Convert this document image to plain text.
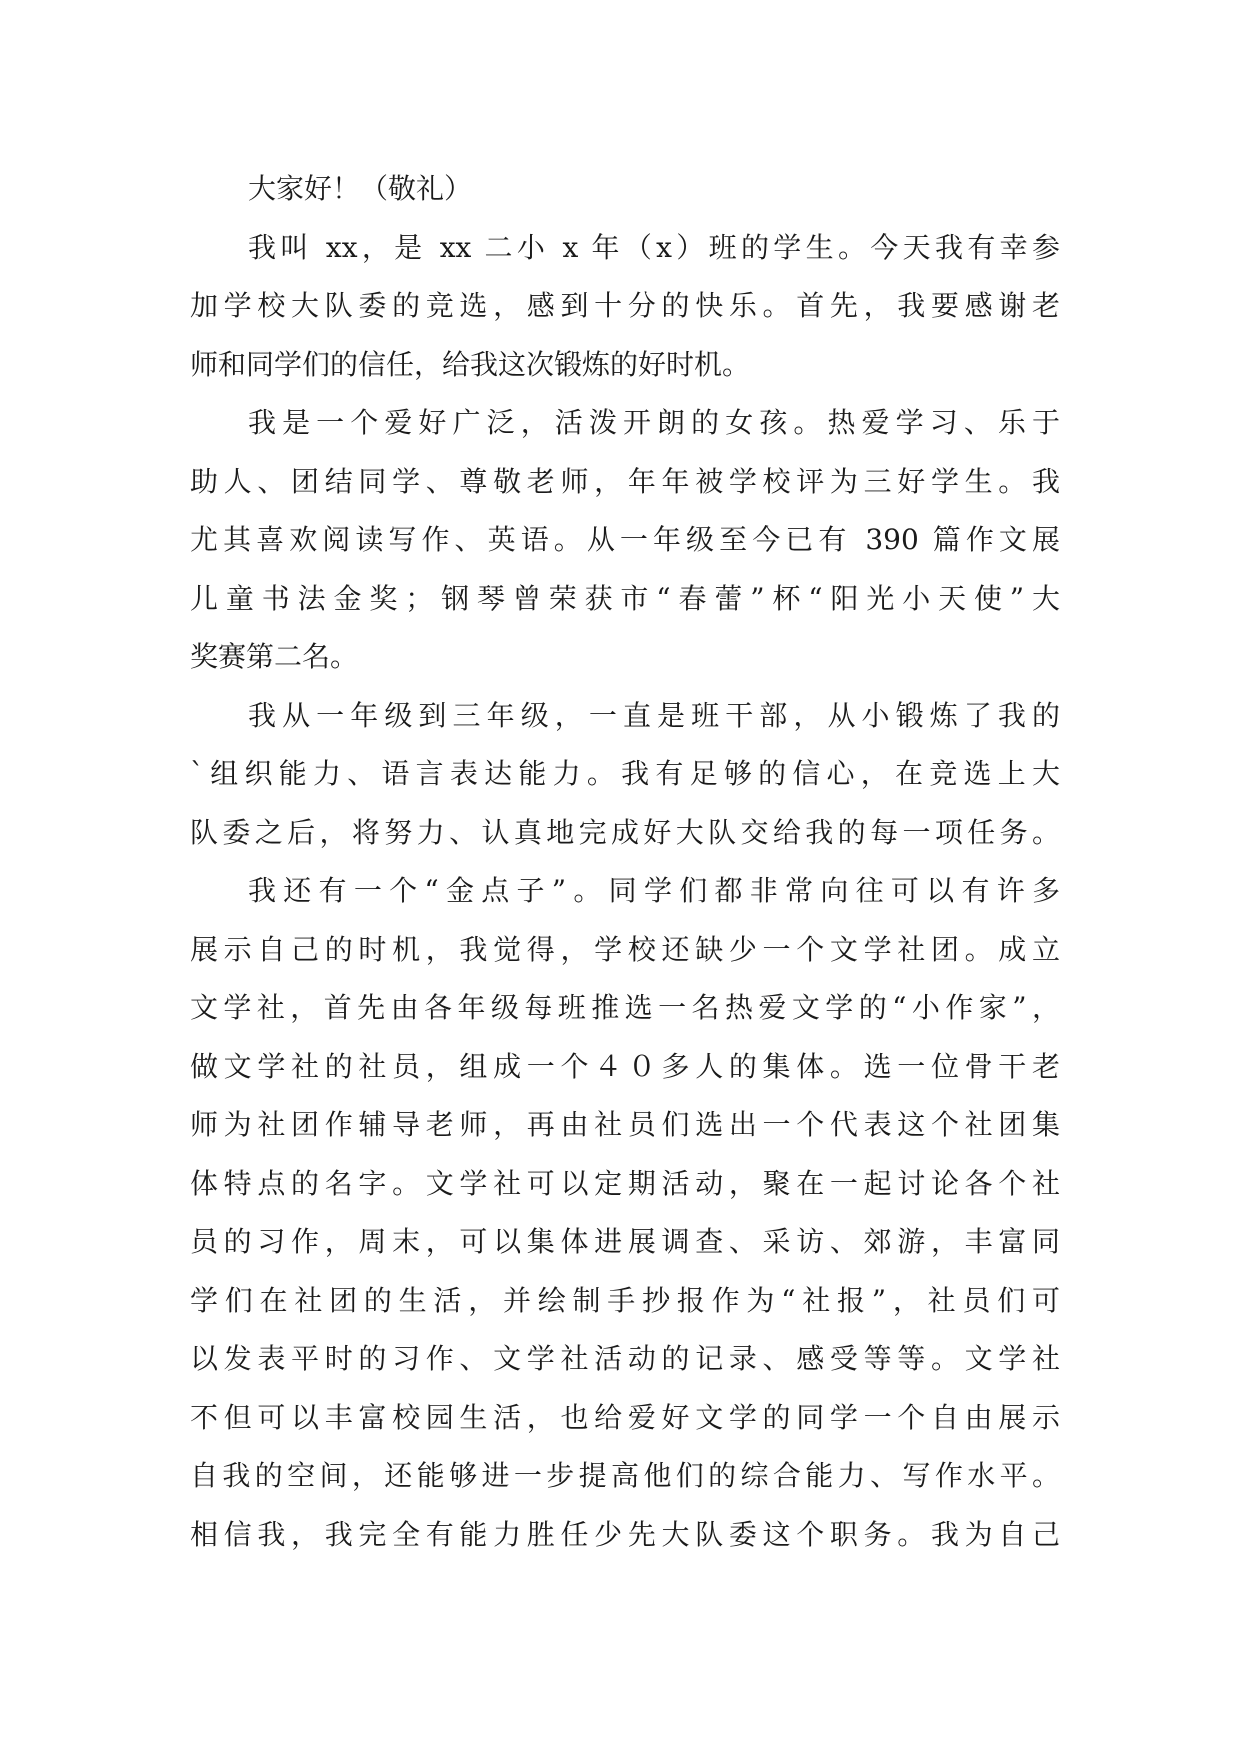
大家好！（敬礼）
我叫 xx，是 xx 二小 x 年（x）班的学生。今天我有幸参
加学校大队委的竞选，感到十分的快乐。首先，我要感谢老
师和同学们的信任，给我这次锻炼的好时机。
我是一个爱好广泛，活泼开朗的女孩。热爱学习、乐于
助人、团结同学、尊敬老师，年年被学校评为三好学生。我
尤其喜欢阅读写作、英语。从一年级至今已有 390 篇作文展
儿童书法金奖；钢琴曾荣获市“春蕾”杯“阳光小天使”大
奖赛第二名。
我从一年级到三年级，一直是班干部，从小锻炼了我的
`组织能力、语言表达能力。我有足够的信心，在竞选上大
队委之后，将努力、认真地完成好大队交给我的每一项任务。
我还有一个“金点子”。同学们都非常向往可以有许多
展示自己的时机，我觉得，学校还缺少一个文学社团。成立
文学社，首先由各年级每班推选一名热爱文学的“小作家”，
做文学社的社员，组成一个４０多人的集体。选一位骨干老
师为社团作辅导老师，再由社员们选出一个代表这个社团集
体特点的名字。文学社可以定期活动，聚在一起讨论各个社
员的习作，周末，可以集体进展调查、采访、郊游，丰富同
学们在社团的生活，并绘制手抄报作为“社报”，社员们可
以发表平时的习作、文学社活动的记录、感受等等。文学社
不但可以丰富校园生活，也给爱好文学的同学一个自由展示
自我的空间，还能够进一步提高他们的综合能力、写作水平。
相信我，我完全有能力胜任少先大队委这个职务。我为自己
